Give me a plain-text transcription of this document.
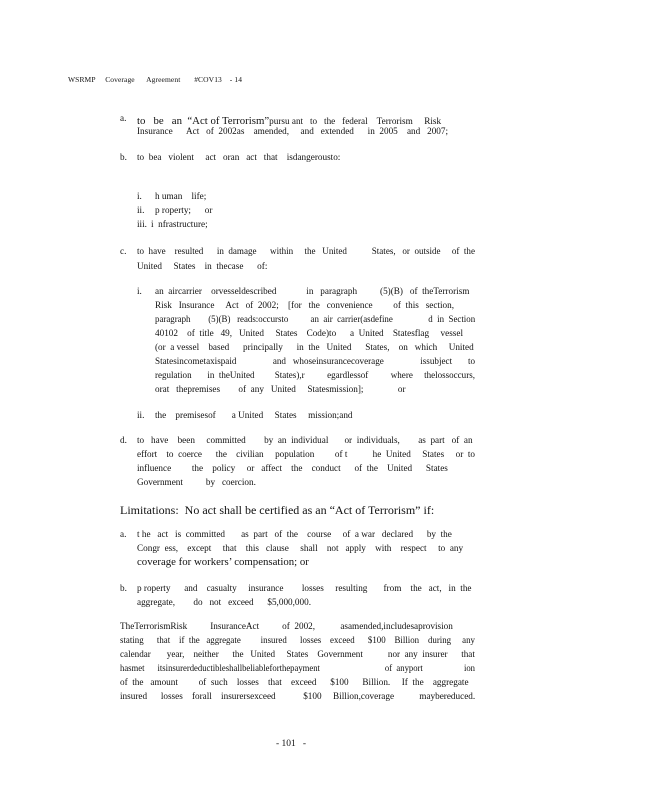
WSRMP     Coverage      Agreement       #COV13    - 14
a. to   be   an  “Act of Terrorism”pursu ant   to   the   federal    Terrorism     Risk
Insurance      Act   of  2002as    amended,     and   extended      in  2005    and   2007;
b. to  bea   violent     act   oran   act   that    isdangerousto:
i. h uman    life;
ii. p roperty;      or
iii. i  nfrastructure;
c. to  have    resulted      in  damage      within     the   United           States,   or  outside     of  the
United     States    in  thecase      of:
i. an  aircarrier    orvesseldescribed             in   paragraph          (5)(B)   of  theTerrorism
Risk   Insurance     Act   of  2002;    [for   the   convenience         of  this   section,
paragraph        (5)(B)   reads:occursto          an  air  carrier(asdefine                d  in  Section
40102    of  title   49,   United     States    Code)to      a  United    Statesflag     vessel
(or  a vessel    based      principally      in  the   United      States,    on   which     United
Statesincometaxispaid                and   whoseinsurancecoverage                issubject       to
regulation       in  theUnited         States),r          egardlessof          where     thelossoccurs,
orat   thepremises        of  any   United     Statesmission];               or
ii. the    premisesof       a United     States     mission;and
d. to   have    been     committed        by  an  individual       or  individuals,        as  part   of  an
effort    to  coerce      the    civilian     population         of t           he  United     States     or  to
influence         the    policy     or   affect    the    conduct      of  the    United      States
Government          by   coercion.
Limitations:  No act shall be certified as an “Act of Terrorism” if:
a. t he   act   is  committed       as  part   of  the    course     of  a war   declared      by  the
Congr  ess,    except     that    this   clause     shall    not   apply    with    respect     to  any
coverage for workers’ compensation; or
b. p roperty      and    casualty     insurance        losses     resulting       from    the   act,   in  the
aggregate,        do   not   exceed      $5,000,000.
TheTerrorismRisk          InsuranceAct          of  2002,           asamended,includesaprovision
stating      that    if  the   aggregate         insured      losses    exceed      $100    Billion    during     any
calendar       year,    neither      the   United     States    Government           nor  any  insurer      that
hasmet      itsinsurerdeductibleshallbeliableforthepayment                              of  anyport                   ion
of  the   amount         of  such    losses    that    exceed      $100      Billion.     If  the    aggregate
insured      losses    forall    insurersexceed            $100     Billion,coverage           maybereduced.
- 101   -
